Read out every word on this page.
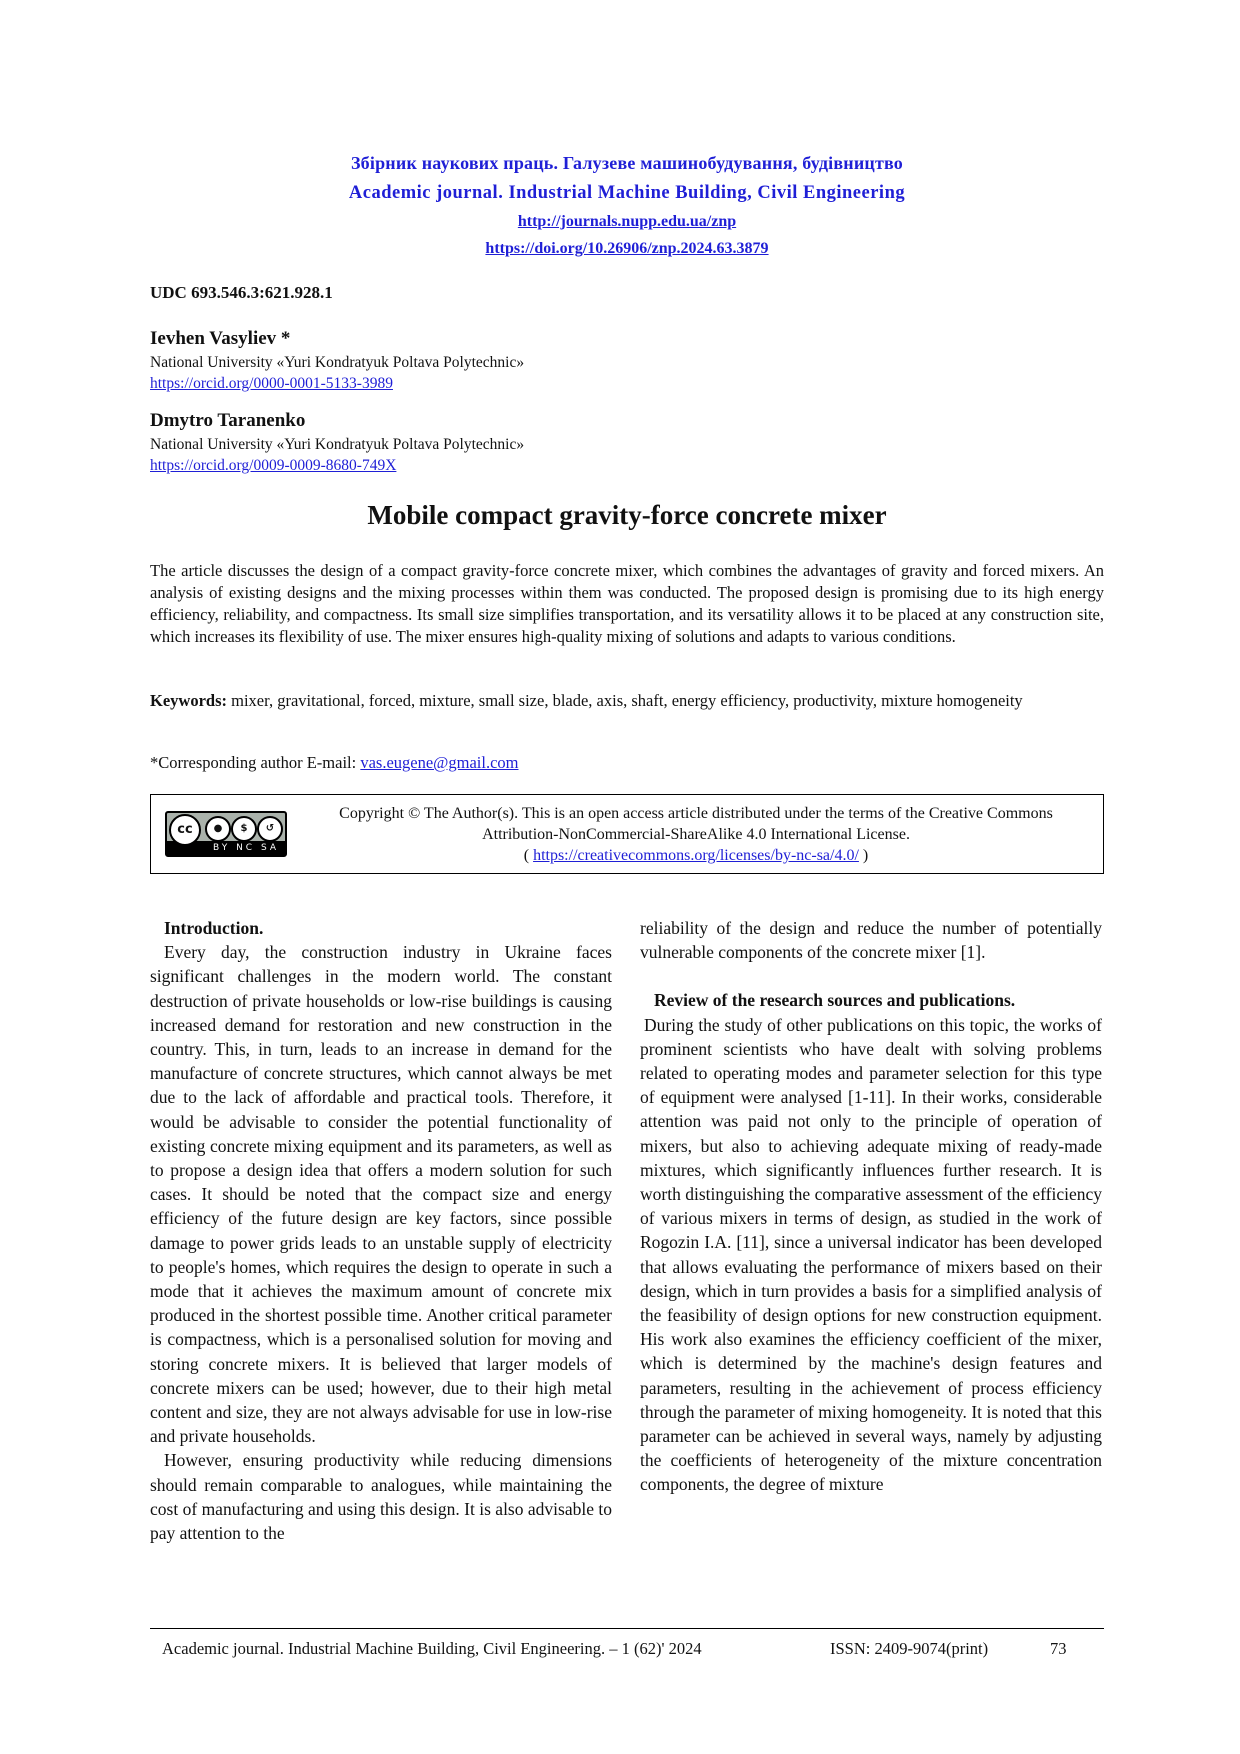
Збірник наукових праць. Галузеве машинобудування, будівництво
Academic journal. Industrial Machine Building, Civil Engineering
http://journals.nupp.edu.ua/znp
https://doi.org/10.26906/znp.2024.63.3879
UDC 693.546.3:621.928.1
Ievhen Vasyliev *
National University «Yuri Kondratyuk Poltava Polytechnic»
https://orcid.org/0000-0001-5133-3989
Dmytro Taranenko
National University «Yuri Kondratyuk Poltava Polytechnic»
https://orcid.org/0009-0009-8680-749X
Mobile compact gravity-force concrete mixer
The article discusses the design of a compact gravity-force concrete mixer, which combines the advantages of gravity and forced mixers. An analysis of existing designs and the mixing processes within them was conducted. The proposed design is promising due to its high energy efficiency, reliability, and compactness. Its small size simplifies transportation, and its versatility allows it to be placed at any construction site, which increases its flexibility of use. The mixer ensures high-quality mixing of solutions and adapts to various conditions.
Keywords: mixer, gravitational, forced, mixture, small size, blade, axis, shaft, energy efficiency, productivity, mixture homogeneity
*Corresponding author E-mail: vas.eugene@gmail.com
cc	●	$	↺
BY NC SA
Copyright © The Author(s). This is an open access article distributed under the terms of the Creative Commons Attribution-NonCommercial-ShareAlike 4.0 International License.
( https://creativecommons.org/licenses/by-nc-sa/4.0/ )
Introduction.

Every day, the construction industry in Ukraine faces significant challenges in the modern world. The constant destruction of private households or low-rise buildings is causing increased demand for restoration and new construction in the country. This, in turn, leads to an increase in demand for the manufacture of concrete structures, which cannot always be met due to the lack of affordable and practical tools. Therefore, it would be advisable to consider the potential functionality of existing concrete mixing equipment and its parameters, as well as to propose a design idea that offers a modern solution for such cases. It should be noted that the compact size and energy efficiency of the future design are key factors, since possible damage to power grids leads to an unstable supply of electricity to people's homes, which requires the design to operate in such a mode that it achieves the maximum amount of concrete mix produced in the shortest possible time. Another critical parameter is compactness, which is a personalised solution for moving and storing concrete mixers. It is believed that larger models of concrete mixers can be used; however, due to their high metal content and size, they are not always advisable for use in low-rise and private households.

However, ensuring productivity while reducing dimensions should remain comparable to analogues, while maintaining the cost of manufacturing and using this design. It is also advisable to pay attention to the

reliability of the design and reduce the number of potentially vulnerable components of the concrete mixer [1].

Review of the research sources and publications.

During the study of other publications on this topic, the works of prominent scientists who have dealt with solving problems related to operating modes and parameter selection for this type of equipment were analysed [1-11]. In their works, considerable attention was paid not only to the principle of operation of mixers, but also to achieving adequate mixing of ready-made mixtures, which significantly influences further research. It is worth distinguishing the comparative assessment of the efficiency of various mixers in terms of design, as studied in the work of Rogozin I.A. [11], since a universal indicator has been developed that allows evaluating the performance of mixers based on their design, which in turn provides a basis for a simplified analysis of the feasibility of design options for new construction equipment. His work also examines the efficiency coefficient of the mixer, which is determined by the machine's design features and parameters, resulting in the achievement of process efficiency through the parameter of mixing homogeneity. It is noted that this parameter can be achieved in several ways, namely by adjusting the coefficients of heterogeneity of the mixture concentration components, the degree of mixture

Academic journal. Industrial Machine Building, Civil Engineering. – 1 (62)' 2024	ISSN: 2409-9074(print)	73
